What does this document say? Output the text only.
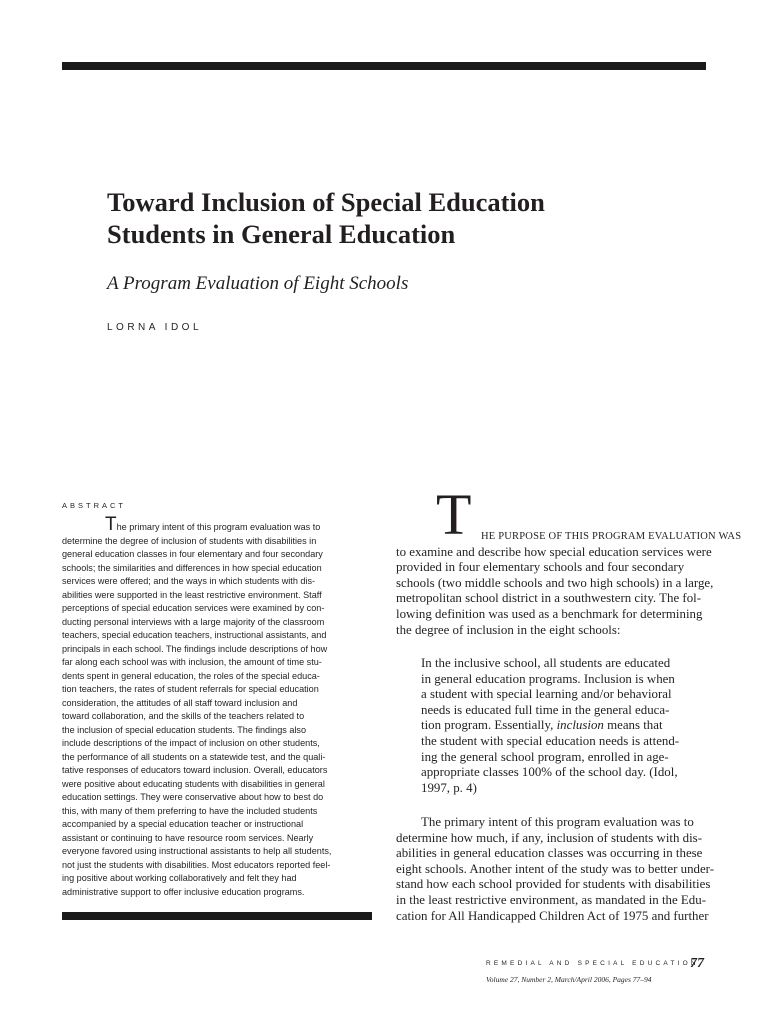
Toward Inclusion of Special Education
Students in General Education
A Program Evaluation of Eight Schools
LORNA IDOL
ABSTRACT
The primary intent of this program evaluation was to
determine the degree of inclusion of students with disabilities in
general education classes in four elementary and four secondary
schools; the similarities and differences in how special education
services were offered; and the ways in which students with dis-
abilities were supported in the least restrictive environment. Staff
perceptions of special education services were examined by con-
ducting personal interviews with a large majority of the classroom
teachers, special education teachers, instructional assistants, and
principals in each school. The findings include descriptions of how
far along each school was with inclusion, the amount of time stu-
dents spent in general education, the roles of the special educa-
tion teachers, the rates of student referrals for special education
consideration, the attitudes of all staff toward inclusion and
toward collaboration, and the skills of the teachers related to
the inclusion of special education students. The findings also
include descriptions of the impact of inclusion on other students,
the performance of all students on a statewide test, and the quali-
tative responses of educators toward inclusion. Overall, educators
were positive about educating students with disabilities in general
education settings. They were conservative about how to best do
this, with many of them preferring to have the included students
accompanied by a special education teacher or instructional
assistant or continuing to have resource room services. Nearly
everyone favored using instructional assistants to help all students,
not just the students with disabilities. Most educators reported feel-
ing positive about working collaboratively and felt they had
administrative support to offer inclusive education programs.
T HE PURPOSE OF THIS PROGRAM EVALUATION WAS
to examine and describe how special education services were
provided in four elementary schools and four secondary
schools (two middle schools and two high schools) in a large,
metropolitan school district in a southwestern city. The fol-
lowing definition was used as a benchmark for determining
the degree of inclusion in the eight schools:
In the inclusive school, all students are educated
in general education programs. Inclusion is when
a student with special learning and/or behavioral
needs is educated full time in the general educa-
tion program. Essentially, inclusion means that
the student with special education needs is attend-
ing the general school program, enrolled in age-
appropriate classes 100% of the school day. (Idol,
1997, p. 4)
The primary intent of this program evaluation was to
determine how much, if any, inclusion of students with dis-
abilities in general education classes was occurring in these
eight schools. Another intent of the study was to better under-
stand how each school provided for students with disabilities
in the least restrictive environment, as mandated in the Edu-
cation for All Handicapped Children Act of 1975 and further
REMEDIAL AND SPECIAL EDUCATION
Volume 27, Number 2, March/April 2006, Pages 77–94
77
